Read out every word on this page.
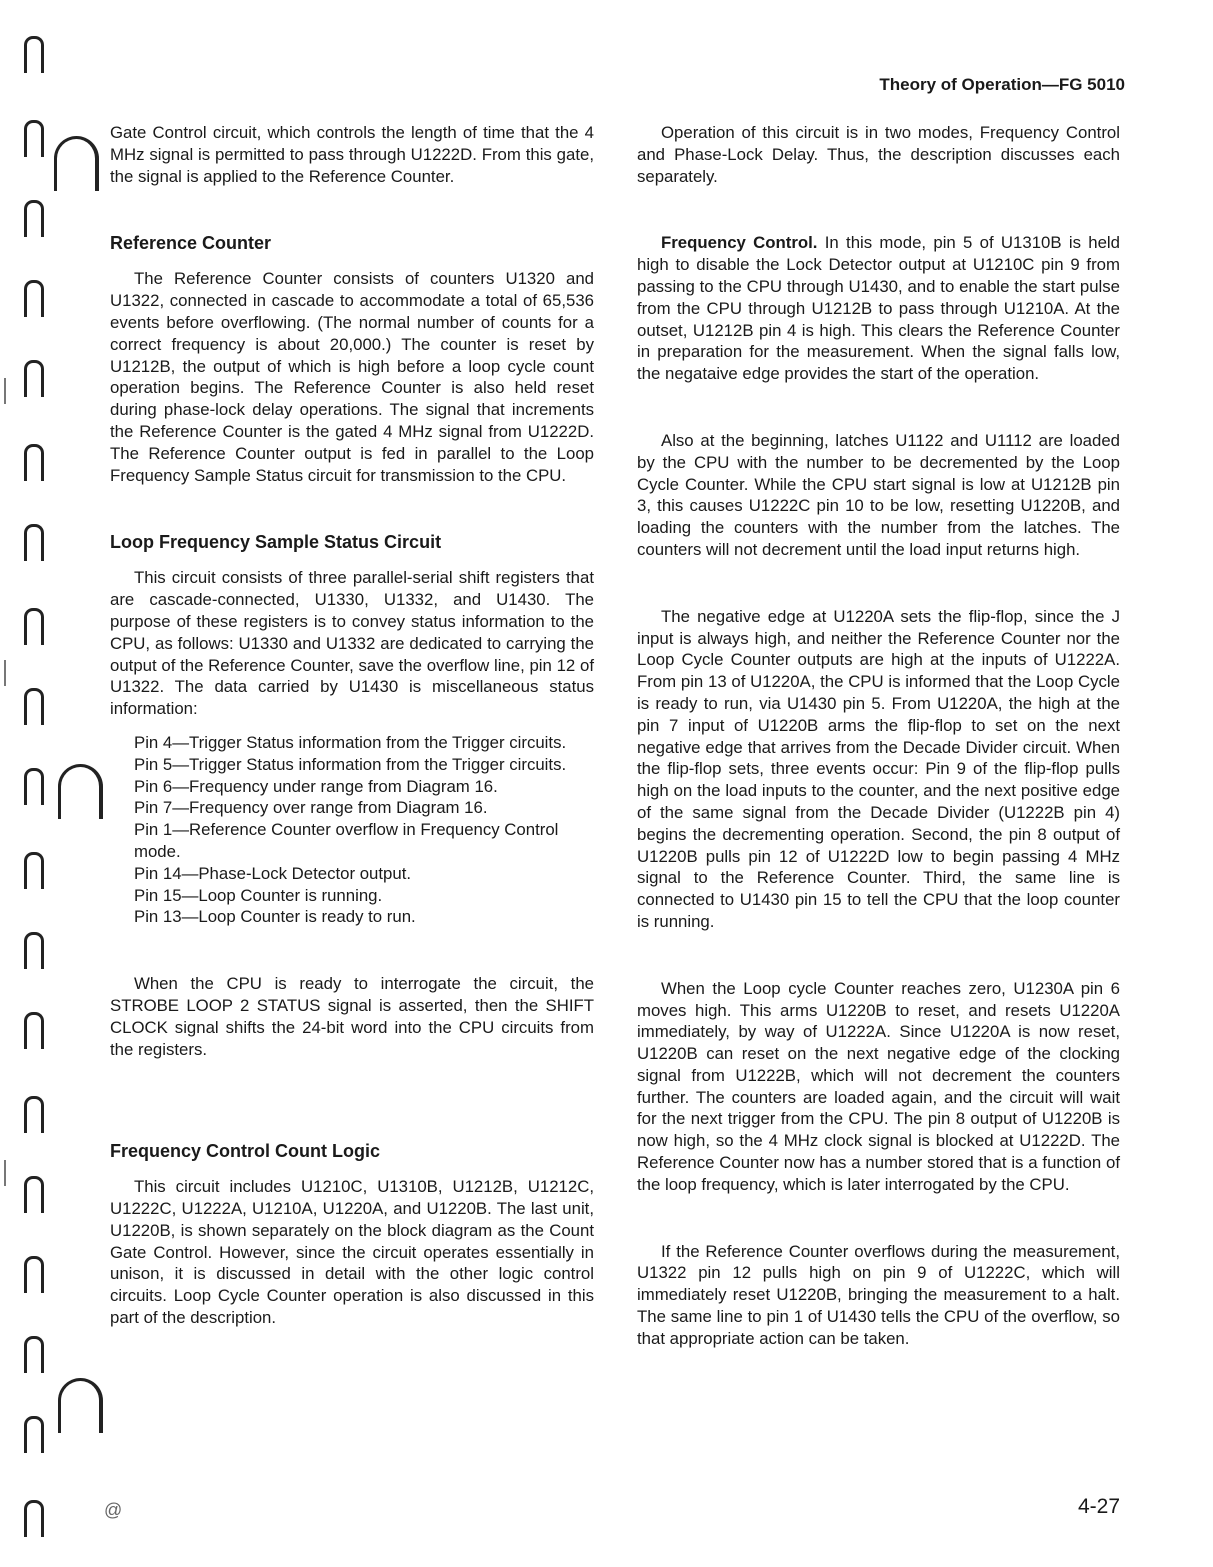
Theory of Operation—FG 5010

Gate Control circuit, which controls the length of time that the 4 MHz signal is permitted to pass through U1222D. From this gate, the signal is applied to the Reference Counter.

Reference Counter

The Reference Counter consists of counters U1320 and U1322, connected in cascade to accommodate a total of 65,536 events before overflowing. (The normal number of counts for a correct frequency is about 20,000.) The counter is reset by U1212B, the output of which is high before a loop cycle count operation begins. The Reference Counter is also held reset during phase-lock delay operations. The signal that increments the Reference Counter is the gated 4 MHz signal from U1222D. The Reference Counter output is fed in parallel to the Loop Frequency Sample Status circuit for transmission to the CPU.

Loop Frequency Sample Status Circuit

This circuit consists of three parallel-serial shift registers that are cascade-connected, U1330, U1332, and U1430. The purpose of these registers is to convey status information to the CPU, as follows: U1330 and U1332 are dedicated to carrying the output of the Reference Counter, save the overflow line, pin 12 of U1322. The data carried by U1430 is miscellaneous status information:

Pin 4—Trigger Status information from the Trigger circuits.
Pin 5—Trigger Status information from the Trigger circuits.
Pin 6—Frequency under range from Diagram 16.
Pin 7—Frequency over range from Diagram 16.
Pin 1—Reference Counter overflow in Frequency Control mode.
Pin 14—Phase-Lock Detector output.
Pin 15—Loop Counter is running.
Pin 13—Loop Counter is ready to run.

When the CPU is ready to interrogate the circuit, the STROBE LOOP 2 STATUS signal is asserted, then the SHIFT CLOCK signal shifts the 24-bit word into the CPU circuits from the registers.

Frequency Control Count Logic

This circuit includes U1210C, U1310B, U1212B, U1212C, U1222C, U1222A, U1210A, U1220A, and U1220B. The last unit, U1220B, is shown separately on the block diagram as the Count Gate Control. However, since the circuit operates essentially in unison, it is discussed in detail with the other logic control circuits. Loop Cycle Counter operation is also discussed in this part of the description.

Operation of this circuit is in two modes, Frequency Control and Phase-Lock Delay. Thus, the description discusses each separately.

Frequency Control. In this mode, pin 5 of U1310B is held high to disable the Lock Detector output at U1210C pin 9 from passing to the CPU through U1430, and to enable the start pulse from the CPU through U1212B to pass through U1210A. At the outset, U1212B pin 4 is high. This clears the Reference Counter in preparation for the measurement. When the signal falls low, the negataive edge provides the start of the operation.

Also at the beginning, latches U1122 and U1112 are loaded by the CPU with the number to be decremented by the Loop Cycle Counter. While the CPU start signal is low at U1212B pin 3, this causes U1222C pin 10 to be low, resetting U1220B, and loading the counters with the number from the latches. The counters will not decrement until the load input returns high.

The negative edge at U1220A sets the flip-flop, since the J input is always high, and neither the Reference Counter nor the Loop Cycle Counter outputs are high at the inputs of U1222A. From pin 13 of U1220A, the CPU is informed that the Loop Cycle is ready to run, via U1430 pin 5. From U1220A, the high at the pin 7 input of U1220B arms the flip-flop to set on the next negative edge that arrives from the Decade Divider circuit. When the flip-flop sets, three events occur: Pin 9 of the flip-flop pulls high on the load inputs to the counter, and the next positive edge of the same signal from the Decade Divider (U1222B pin 4) begins the decrementing operation. Second, the pin 8 output of U1220B pulls pin 12 of U1222D low to begin passing 4 MHz signal to the Reference Counter. Third, the same line is connected to U1430 pin 15 to tell the CPU that the loop counter is running.

When the Loop cycle Counter reaches zero, U1230A pin 6 moves high. This arms U1220B to reset, and resets U1220A immediately, by way of U1222A. Since U1220A is now reset, U1220B can reset on the next negative edge of the clocking signal from U1222B, which will not decrement the counters further. The counters are loaded again, and the circuit will wait for the next trigger from the CPU. The pin 8 output of U1220B is now high, so the 4 MHz clock signal is blocked at U1222D. The Reference Counter now has a number stored that is a function of the loop frequency, which is later interrogated by the CPU.

If the Reference Counter overflows during the measurement, U1322 pin 12 pulls high on pin 9 of U1222C, which will immediately reset U1220B, bringing the measurement to a halt. The same line to pin 1 of U1430 tells the CPU of the overflow, so that appropriate action can be taken.

@	4-27
